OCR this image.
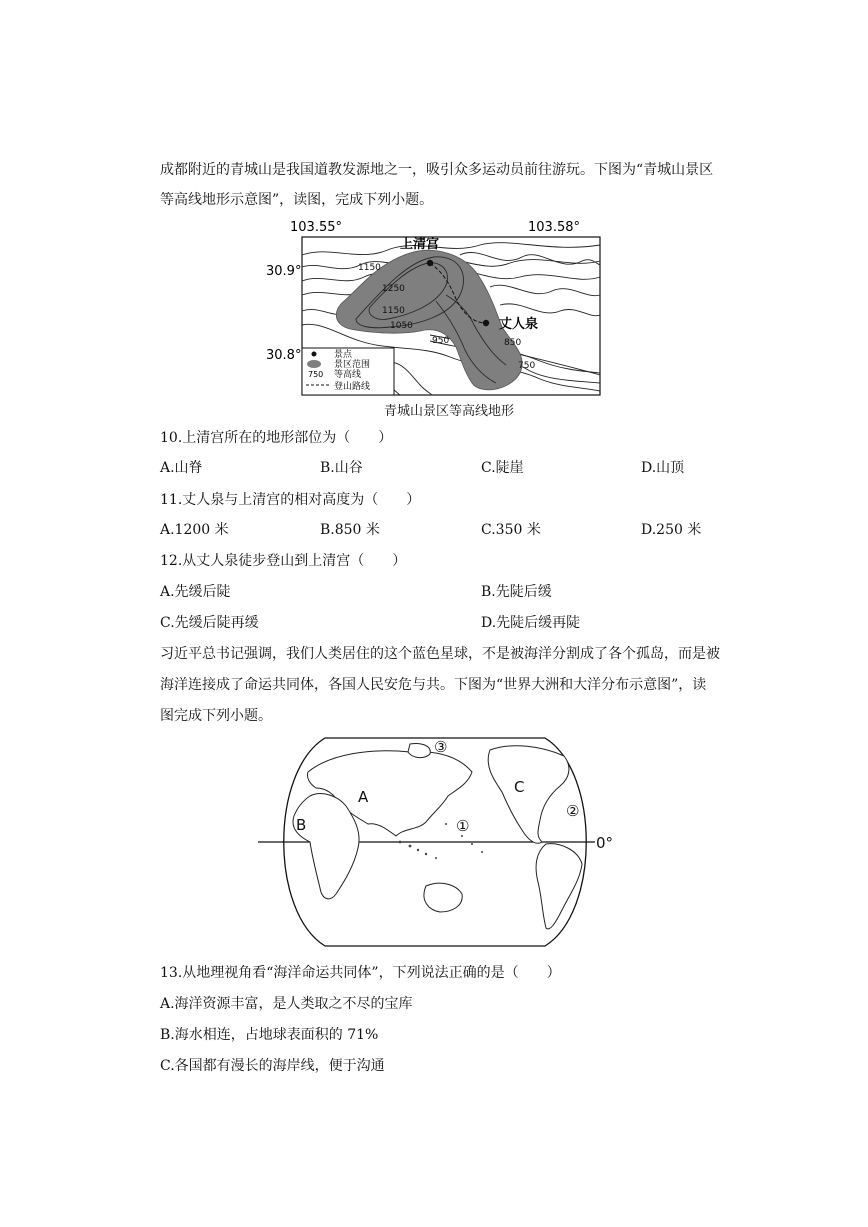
成都附近的青城山是我国道教发源地之一，吸引众多运动员前往游玩。下图为“青城山景区
等高线地形示意图”，读图，完成下列小题。
103.55°	103.58°
30.9°
30.8°
上清宫
丈人泉
1150
1250
1150
1050
950	850
750
景点
景区范围
750 等高线
登山路线
青城山景区等高线地形
10.上清宫所在的地形部位为（　　）
A.山脊	B.山谷	C.陡崖	D.山顶
11.丈人泉与上清宫的相对高度为（　　）
A.1200 米	B.850 米	C.350 米	D.250 米
12.从丈人泉徒步登山到上清宫（　　）
A.先缓后陡	B.先陡后缓
C.先缓后陡再缓	D.先陡后缓再陡
习近平总书记强调，我们人类居住的这个蓝色星球，不是被海洋分割成了各个孤岛，而是被
海洋连接成了命运共同体，各国人民安危与共。下图为“世界大洲和大洋分布示意图”，读
图完成下列小题。
A
B
C
①
②
③
0°
13.从地理视角看“海洋命运共同体”，下列说法正确的是（　　）
A.海洋资源丰富，是人类取之不尽的宝库
B.海水相连，占地球表面积的 71%
C.各国都有漫长的海岸线，便于沟通
